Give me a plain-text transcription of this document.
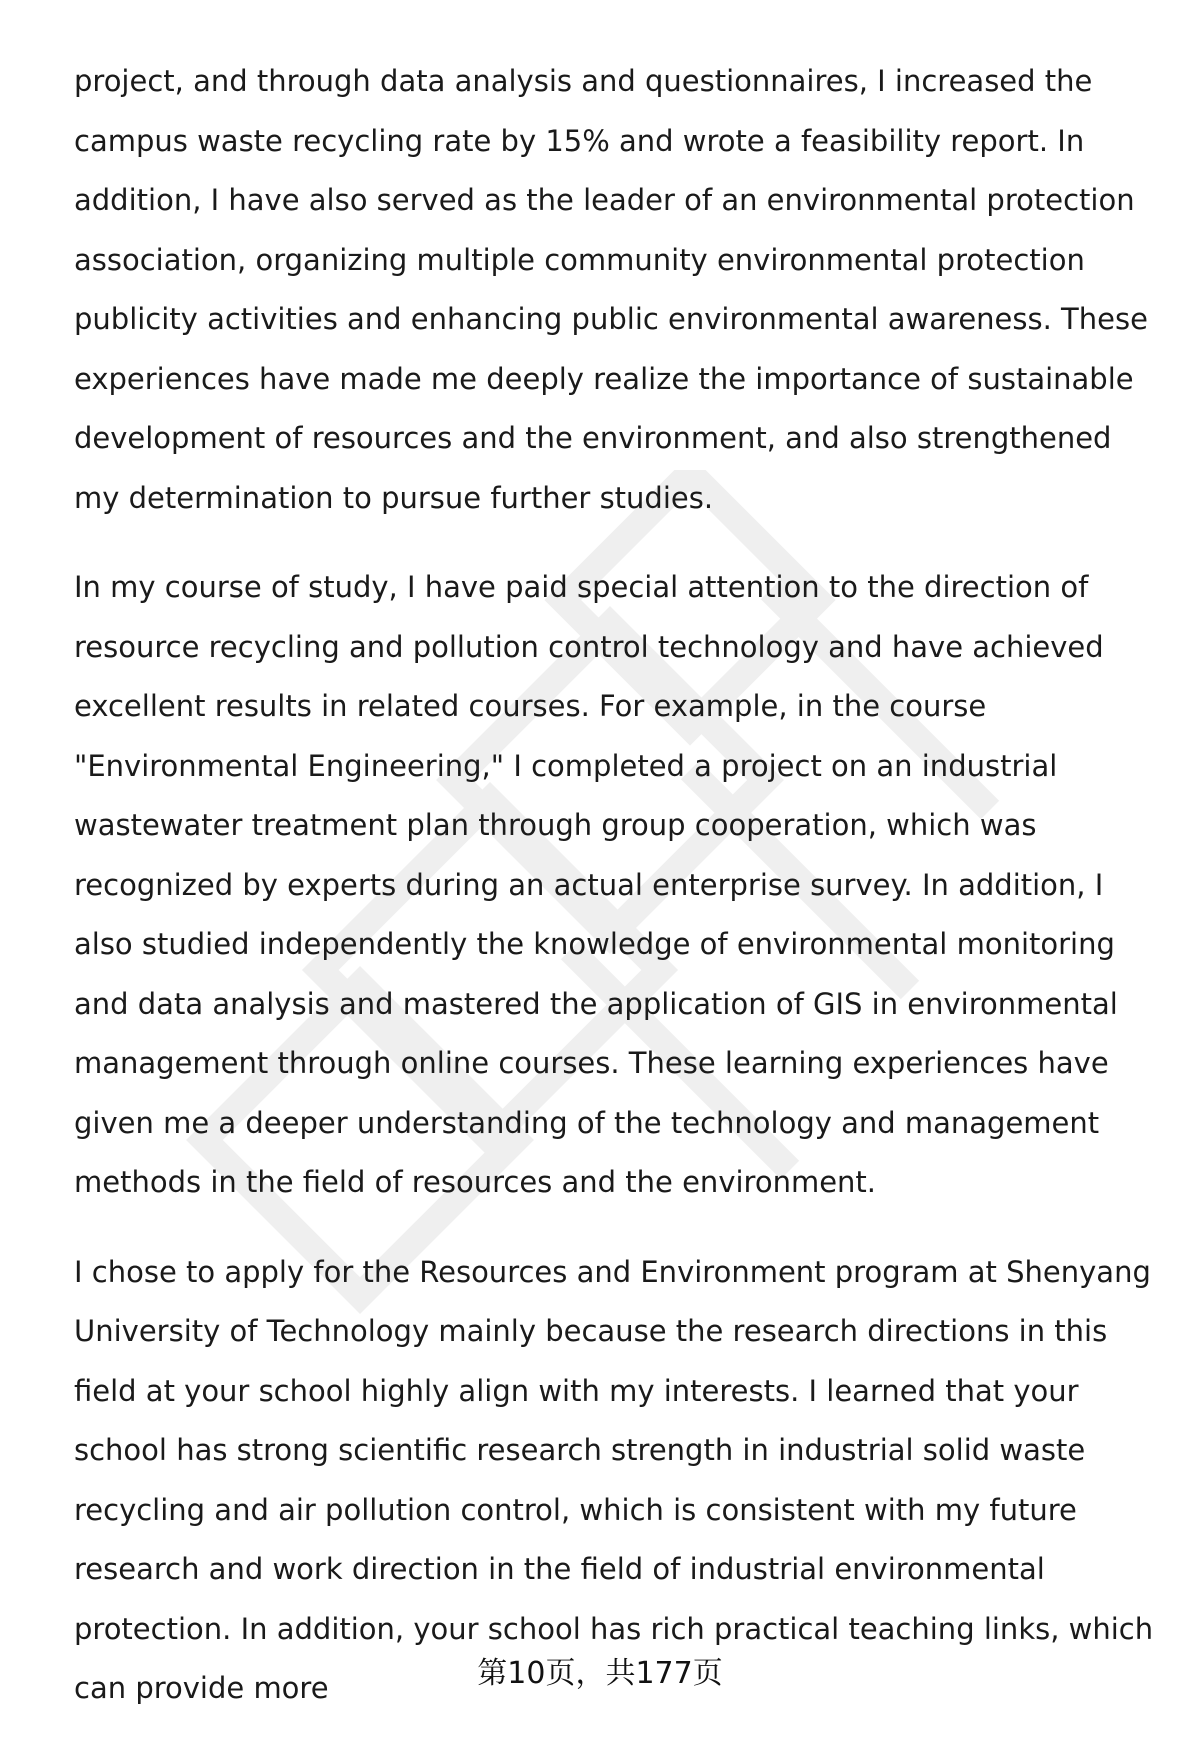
project, and through data analysis and questionnaires, I increased the campus waste recycling rate by 15% and wrote a feasibility report. In addition, I have also served as the leader of an environmental protection association, organizing multiple community environmental protection publicity activities and enhancing public environmental awareness. These experiences have made me deeply realize the importance of sustainable development of resources and the environment, and also strengthened my determination to pursue further studies.

In my course of study, I have paid special attention to the direction of resource recycling and pollution control technology and have achieved excellent results in related courses. For example, in the course "Environmental Engineering," I completed a project on an industrial wastewater treatment plan through group cooperation, which was recognized by experts during an actual enterprise survey. In addition, I also studied independently the knowledge of environmental monitoring and data analysis and mastered the application of GIS in environmental management through online courses. These learning experiences have given me a deeper understanding of the technology and management methods in the field of resources and the environment.

I chose to apply for the Resources and Environment program at Shenyang University of Technology mainly because the research directions in this field at your school highly align with my interests. I learned that your school has strong scientific research strength in industrial solid waste recycling and air pollution control, which is consistent with my future research and work direction in the field of industrial environmental protection. In addition, your school has rich practical teaching links, which can provide more	第10页，共177页
